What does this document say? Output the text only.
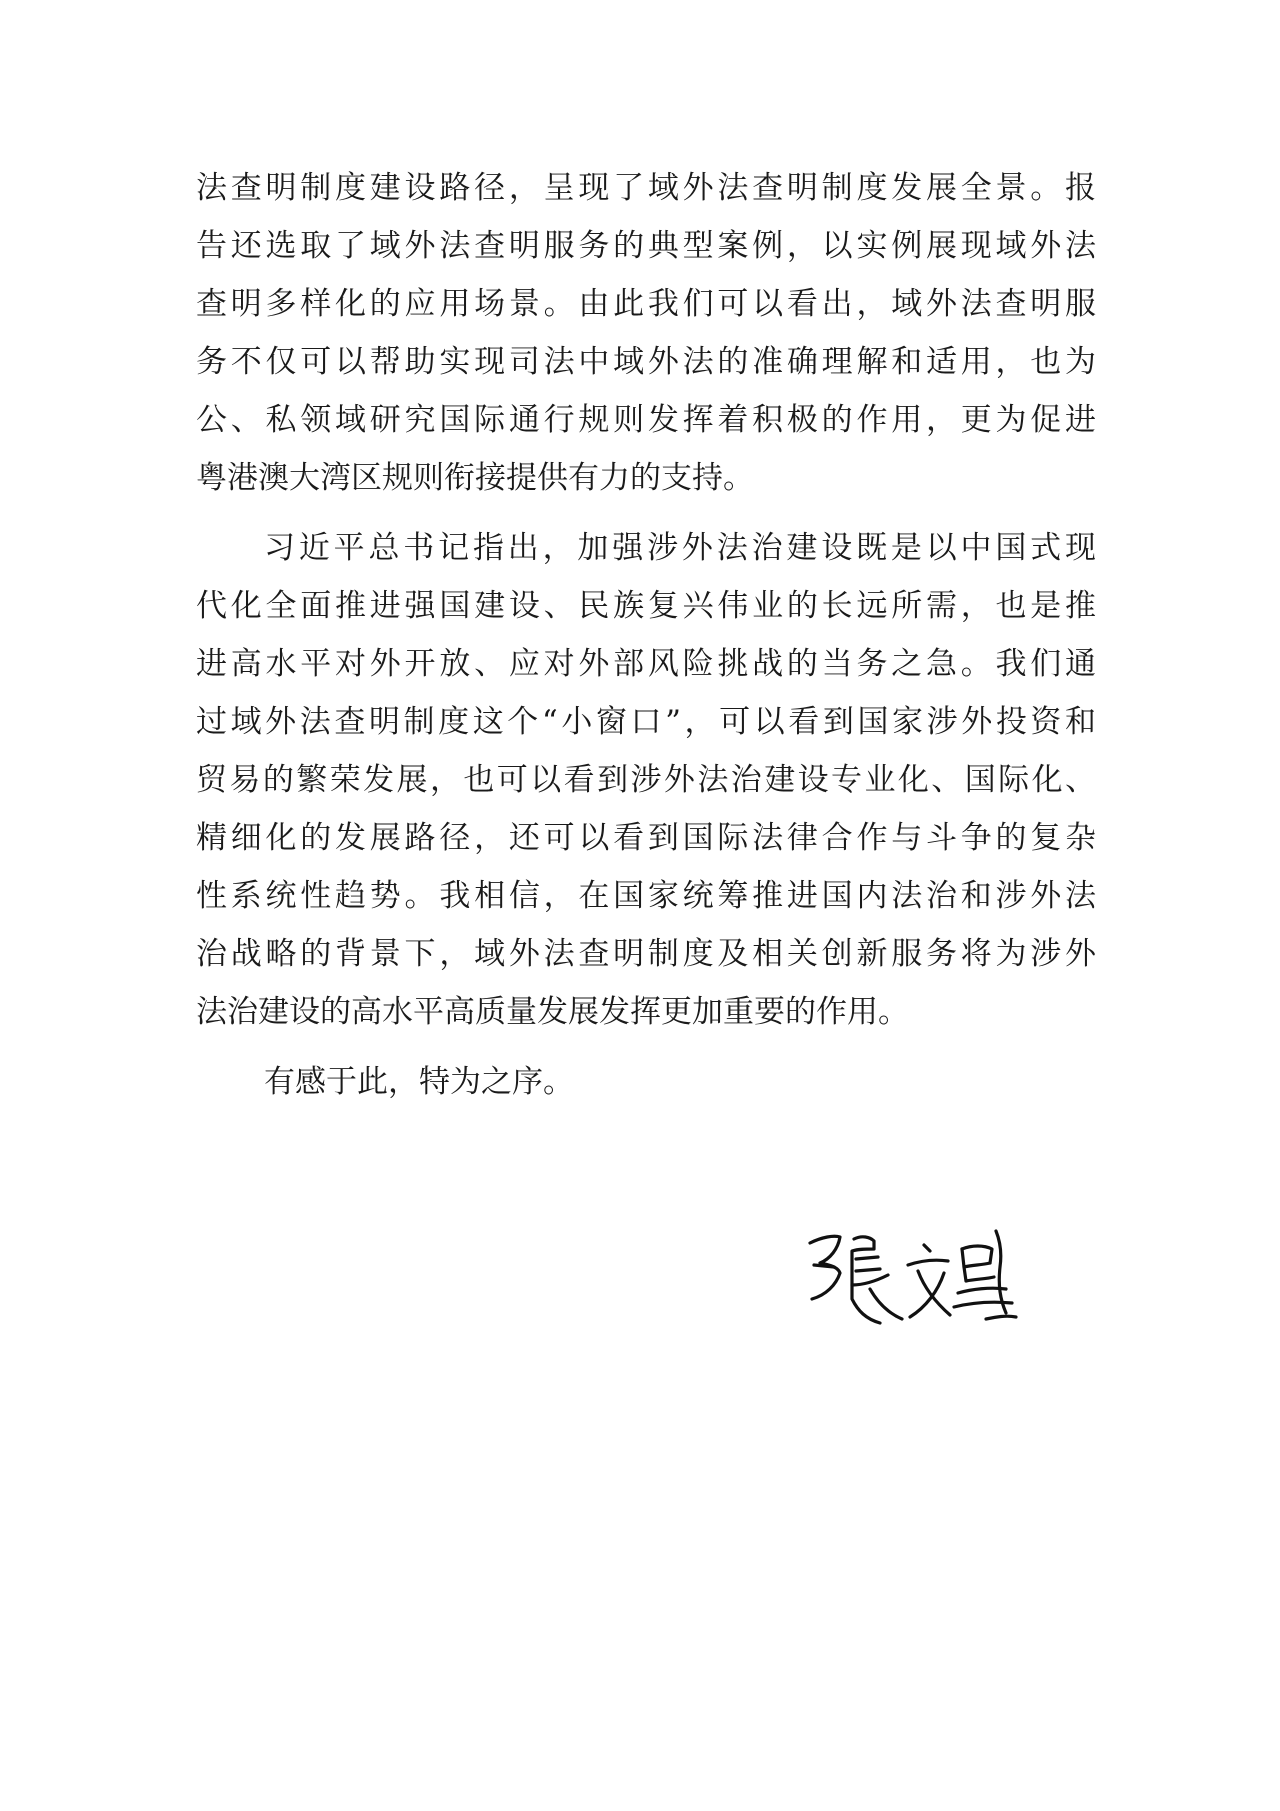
法查明制度建设路径，呈现了域外法查明制度发展全景。报
告还选取了域外法查明服务的典型案例，以实例展现域外法
查明多样化的应用场景。由此我们可以看出，域外法查明服
务不仅可以帮助实现司法中域外法的准确理解和适用，也为
公、私领域研究国际通行规则发挥着积极的作用，更为促进
粤港澳大湾区规则衔接提供有力的支持。
习近平总书记指出，加强涉外法治建设既是以中国式现
代化全面推进强国建设、民族复兴伟业的长远所需，也是推
进高水平对外开放、应对外部风险挑战的当务之急。我们通
过域外法查明制度这个“小窗口”，可以看到国家涉外投资和
贸易的繁荣发展，也可以看到涉外法治建设专业化、国际化、
精细化的发展路径，还可以看到国际法律合作与斗争的复杂
性系统性趋势。我相信，在国家统筹推进国内法治和涉外法
治战略的背景下，域外法查明制度及相关创新服务将为涉外
法治建设的高水平高质量发展发挥更加重要的作用。
有感于此，特为之序。
